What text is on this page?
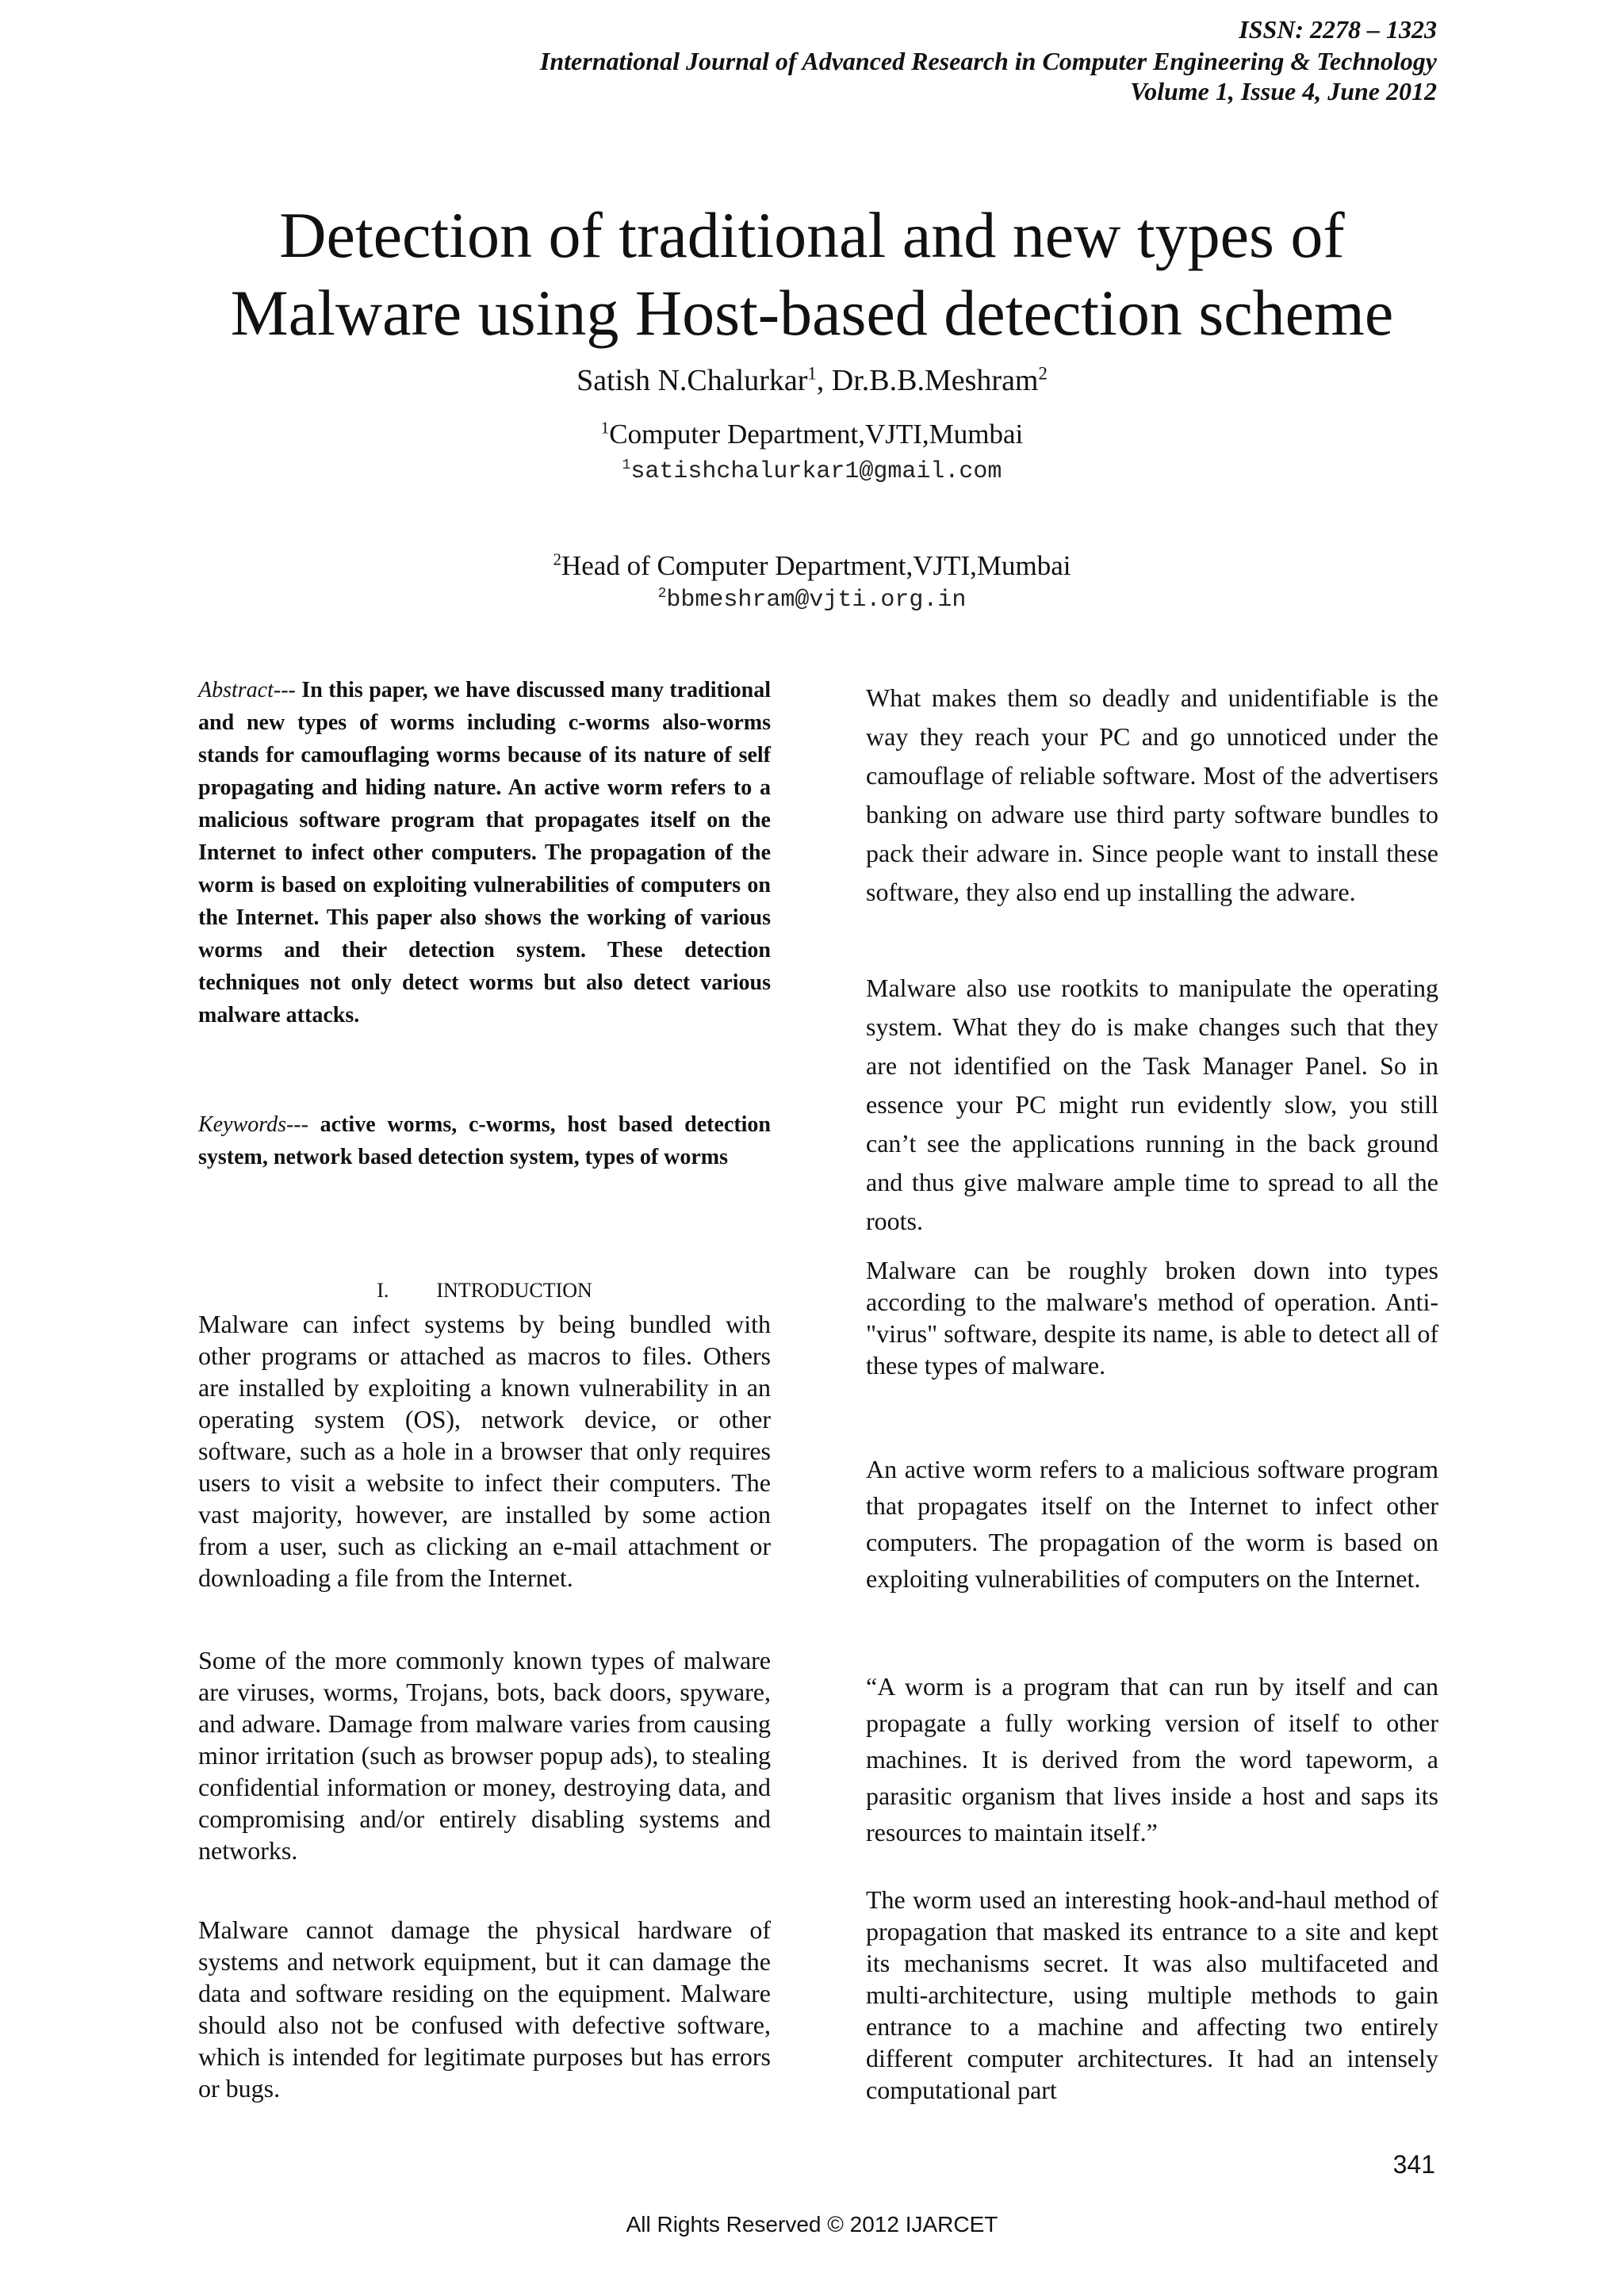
ISSN: 2278 – 1323
International Journal of Advanced Research in Computer Engineering & Technology
Volume 1, Issue 4, June 2012
Detection of traditional and new types of
Malware using Host-based detection scheme
Satish N.Chalurkar$^1$, Dr.B.B.Meshram$^2$
$^1$Computer Department,VJTI,Mumbai
$^1$satishchalurkar1@gmail.com
$^2$Head of Computer Department,VJTI,Mumbai
$^2$bbmeshram@vjti.org.in
Abstract--- In this paper, we have discussed many traditional and new types of worms including c-worms also-worms stands for camouflaging worms because of its nature of self propagating and hiding nature. An active worm refers to a malicious software program that propagates itself on the Internet to infect other computers. The propagation of the worm is based on exploiting vulnerabilities of computers on the Internet. This paper also shows the working of various worms and their detection system. These detection techniques not only detect worms but also detect various malware attacks.
Keywords--- active worms, c-worms, host based detection system, network based detection system, types of worms
I. INTRODUCTION

Malware can infect systems by being bundled with other programs or attached as macros to files. Others are installed by exploiting a known vulnerability in an operating system (OS), network device, or other software, such as a hole in a browser that only requires users to visit a website to infect their computers. The vast majority, however, are installed by some action from a user, such as clicking an e-mail attachment or downloading a file from the Internet.

Some of the more commonly known types of malware are viruses, worms, Trojans, bots, back doors, spyware, and adware. Damage from malware varies from causing minor irritation (such as browser popup ads), to stealing confidential information or money, destroying data, and compromising and/or entirely disabling systems and networks.

Malware cannot damage the physical hardware of systems and network equipment, but it can damage the data and software residing on the equipment. Malware should also not be confused with defective software, which is intended for legitimate purposes but has errors or bugs.

What makes them so deadly and unidentifiable is the way they reach your PC and go unnoticed under the camouflage of reliable software. Most of the advertisers banking on adware use third party software bundles to pack their adware in. Since people want to install these software, they also end up installing the adware.

Malware also use rootkits to manipulate the operating system. What they do is make changes such that they are not identified on the Task Manager Panel. So in essence your PC might run evidently slow, you still can’t see the applications running in the back ground and thus give malware ample time to spread to all the roots.

Malware can be roughly broken down into types according to the malware's method of operation. Anti-"virus" software, despite its name, is able to detect all of these types of malware.

An active worm refers to a malicious software program that propagates itself on the Internet to infect other computers. The propagation of the worm is based on exploiting vulnerabilities of computers on the Internet.

“A worm is a program that can run by itself and can propagate a fully working version of itself to other machines. It is derived from the word tapeworm, a parasitic organism that lives inside a host and saps its resources to maintain itself.”

The worm used an interesting hook-and-haul method of propagation that masked its entrance to a site and kept its mechanisms secret. It was also multifaceted and multi-architecture, using multiple methods to gain entrance to a machine and affecting two entirely different computer architectures. It had an intensely computational part

341
All Rights Reserved © 2012 IJARCET
